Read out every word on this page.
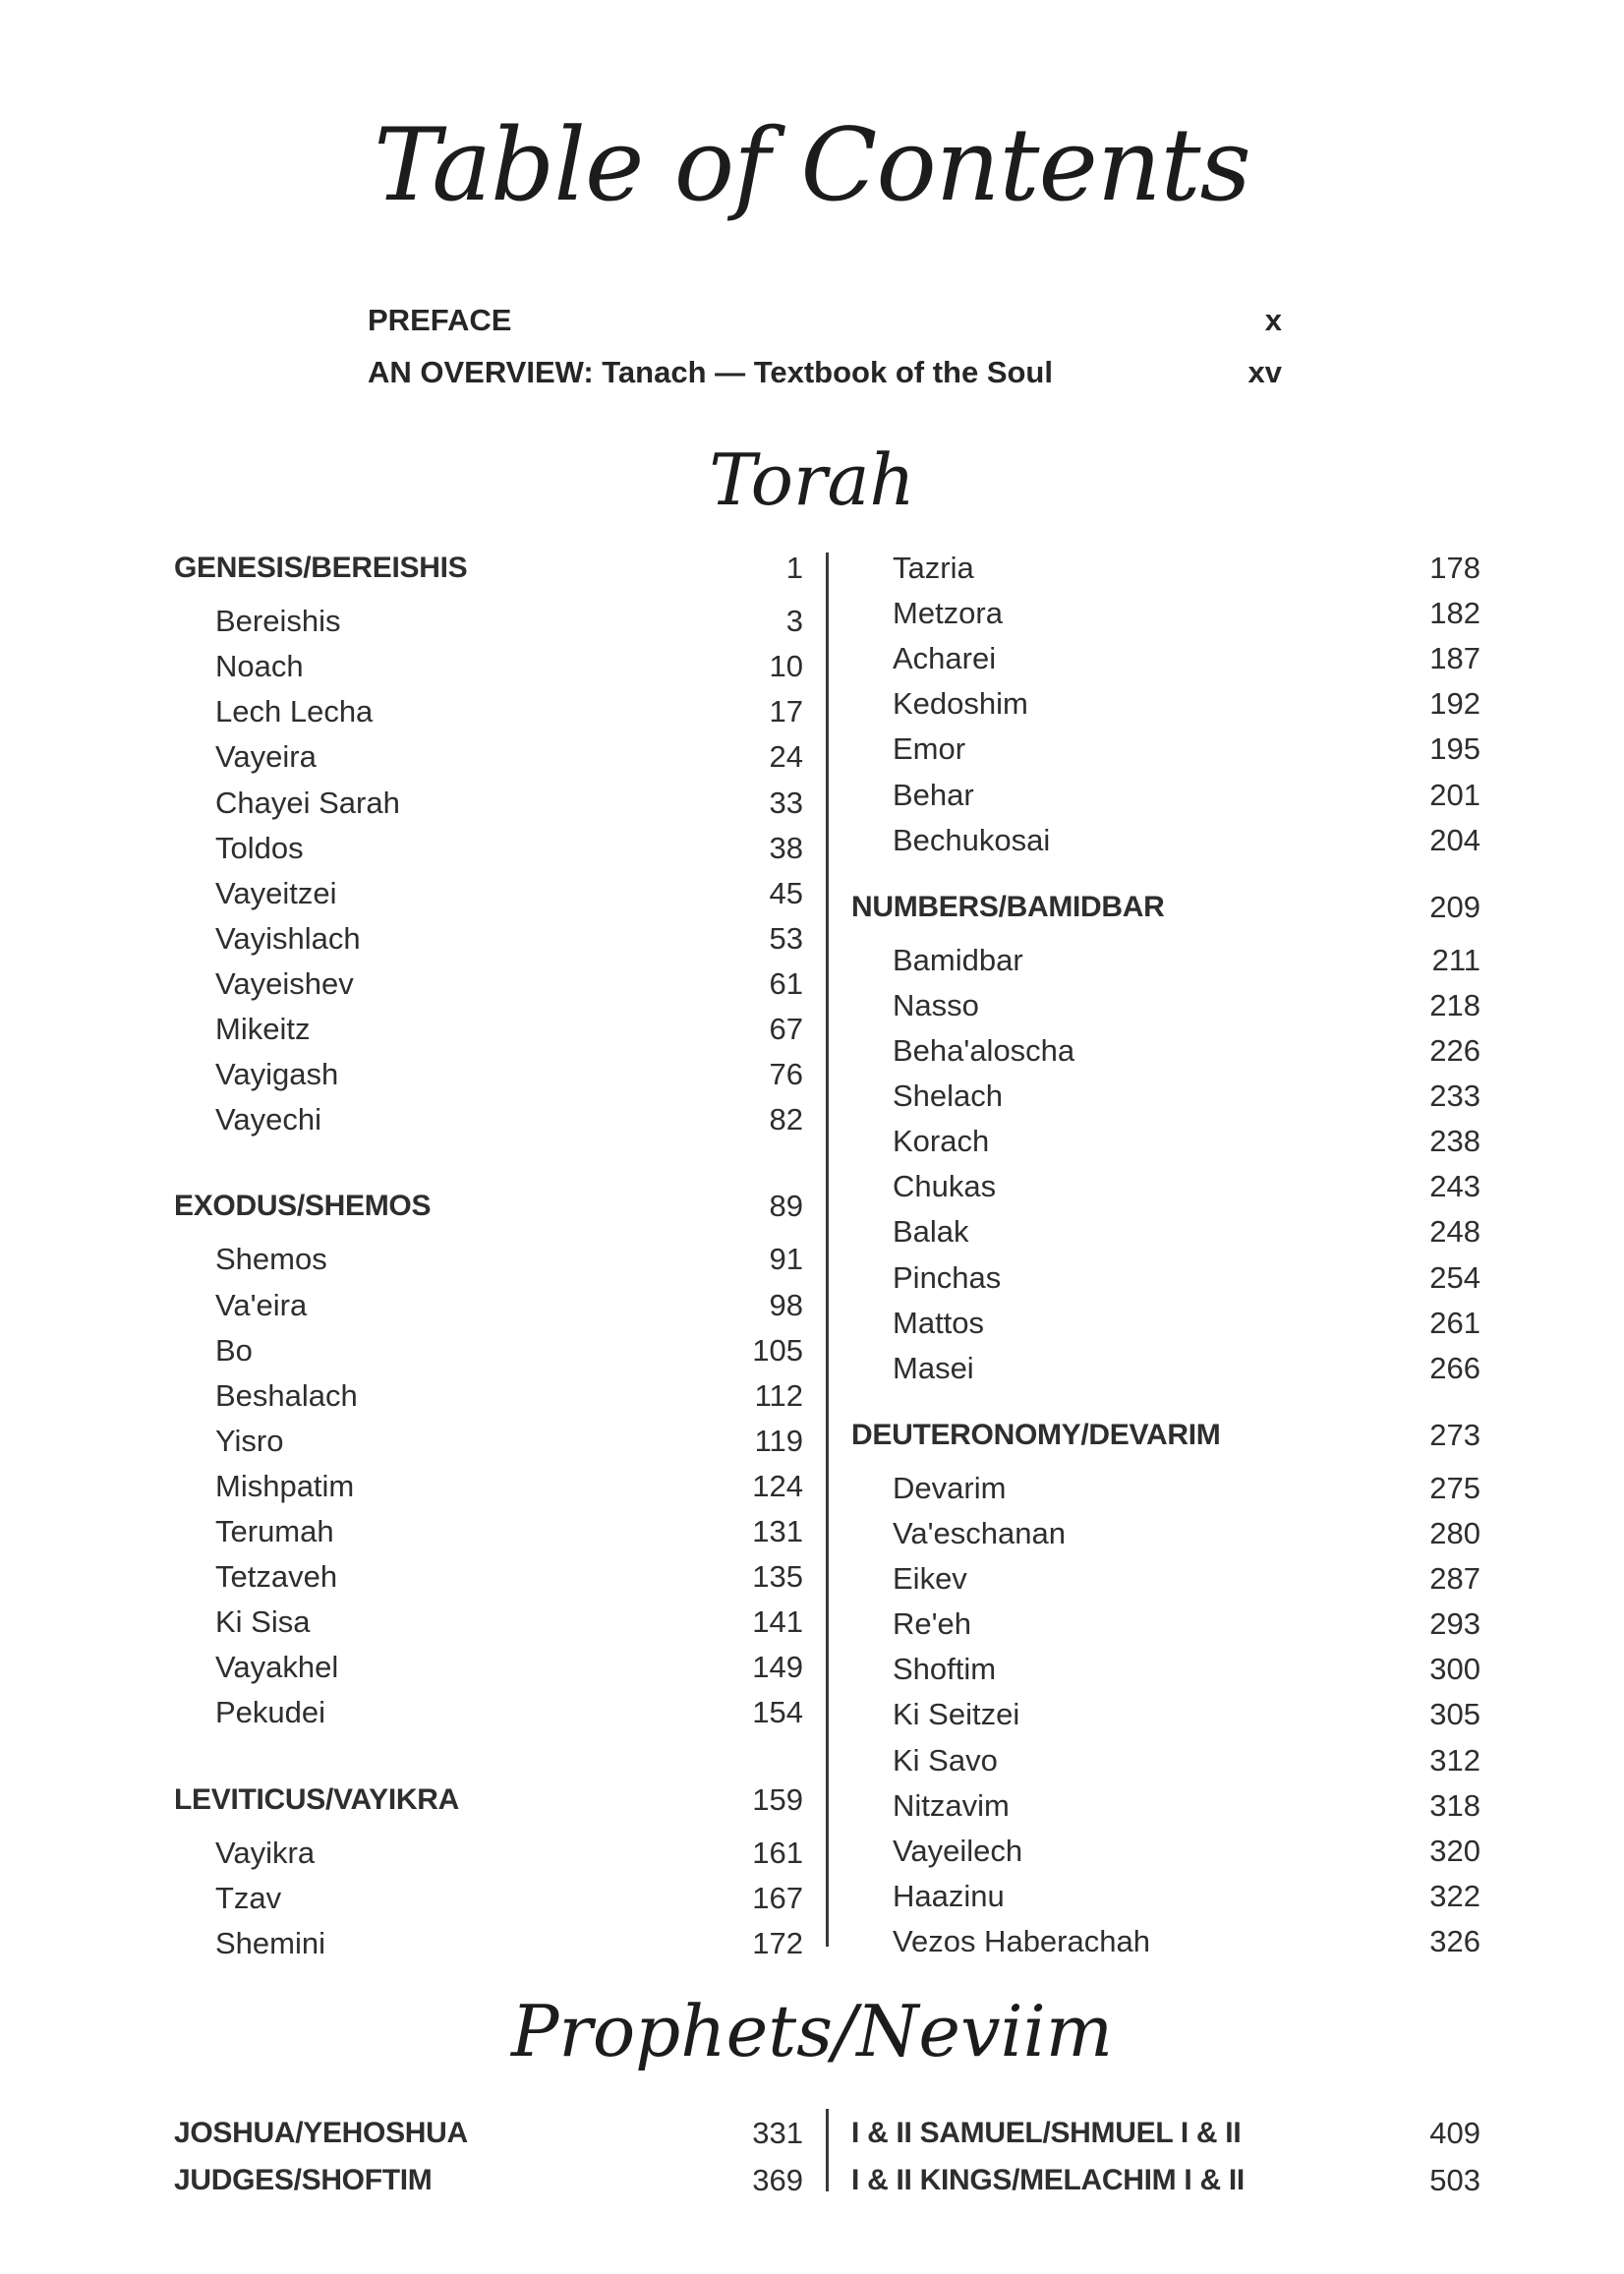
Table of Contents
PREFACE	x
AN OVERVIEW: Tanach — Textbook of the Soul	xv
Torah
GENESIS/BEREISHIS	1
Bereishis	3
Noach	10
Lech Lecha	17
Vayeira	24
Chayei Sarah	33
Toldos	38
Vayeitzei	45
Vayishlach	53
Vayeishev	61
Mikeitz	67
Vayigash	76
Vayechi	82
EXODUS/SHEMOS	89
Shemos	91
Va'eira	98
Bo	105
Beshalach	112
Yisro	119
Mishpatim	124
Terumah	131
Tetzaveh	135
Ki Sisa	141
Vayakhel	149
Pekudei	154
LEVITICUS/VAYIKRA	159
Vayikra	161
Tzav	167
Shemini	172
Tazria	178
Metzora	182
Acharei	187
Kedoshim	192
Emor	195
Behar	201
Bechukosai	204
NUMBERS/BAMIDBAR	209
Bamidbar	211
Nasso	218
Beha'aloscha	226
Shelach	233
Korach	238
Chukas	243
Balak	248
Pinchas	254
Mattos	261
Masei	266
DEUTERONOMY/DEVARIM	273
Devarim	275
Va'eschanan	280
Eikev	287
Re'eh	293
Shoftim	300
Ki Seitzei	305
Ki Savo	312
Nitzavim	318
Vayeilech	320
Haazinu	322
Vezos Haberachah	326
Prophets/Neviim
JOSHUA/YEHOSHUA	331
JUDGES/SHOFTIM	369
I & II SAMUEL/SHMUEL I & II	409
I & II KINGS/MELACHIM I & II	503
